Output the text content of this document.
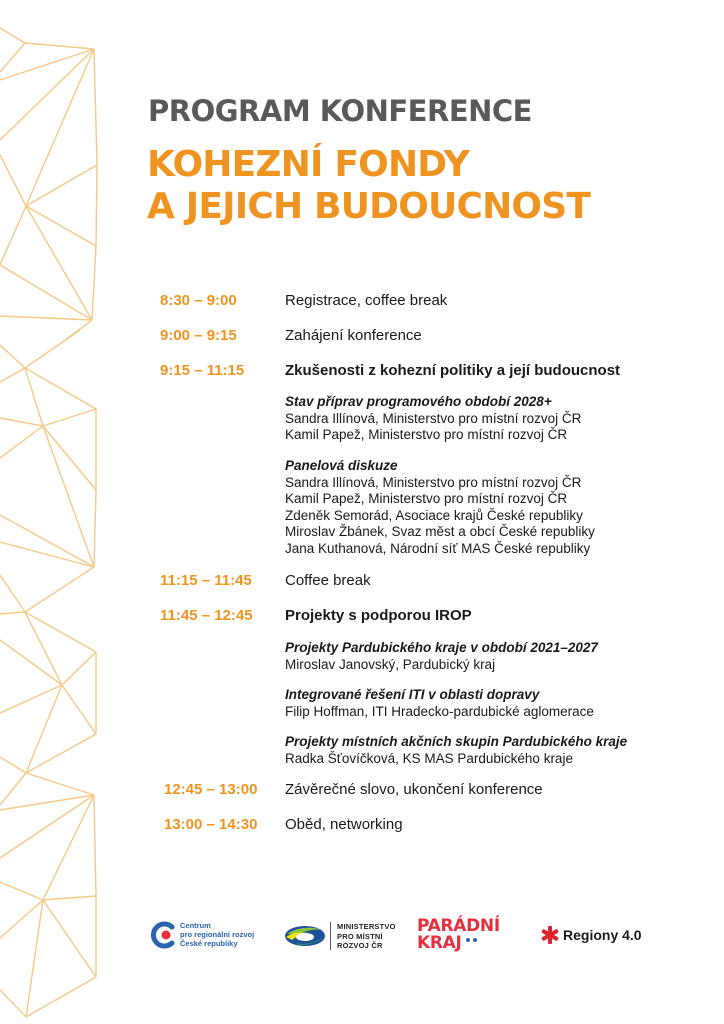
PROGRAM KONFERENCE
KOHEZNÍ FONDY
A JEJICH BUDOUCNOST
8:30 – 9:00	Registrace, coffee break
9:00 – 9:15	Zahájení konference
9:15 – 11:15	Zkušenosti z kohezní politiky a její budoucnost
Stav příprav programového období 2028+
Sandra Illínová, Ministerstvo pro místní rozvoj ČR
Kamil Papež, Ministerstvo pro místní rozvoj ČR
Panelová diskuze
Sandra Illínová, Ministerstvo pro místní rozvoj ČR
Kamil Papež, Ministerstvo pro místní rozvoj ČR
Zdeněk Semorád, Asociace krajů České republiky
Miroslav Žbánek, Svaz měst a obcí České republiky
Jana Kuthanová, Národní síť MAS České republiky
11:15 – 11:45 Coffee break
11:45 – 12:45 Projekty s podporou IROP
Projekty Pardubického kraje v období 2021–2027
Miroslav Janovský, Pardubický kraj
Integrované řešení ITI v oblasti dopravy
Filip Hoffman, ITI Hradecko-pardubické aglomerace
Projekty místních akčních skupin Pardubického kraje
Radka Šťovíčková, KS MAS Pardubického kraje
12:45 – 13:00 Závěrečné slovo, ukončení konference
13:00 – 14:30 Oběd, networking
Centrum
pro regionální rozvoj
České republiky
MINISTERSTVO
PRO MÍSTNÍ
ROZVOJ ČR
PARÁDNÍ
KRAJ	Regiony 4.0
